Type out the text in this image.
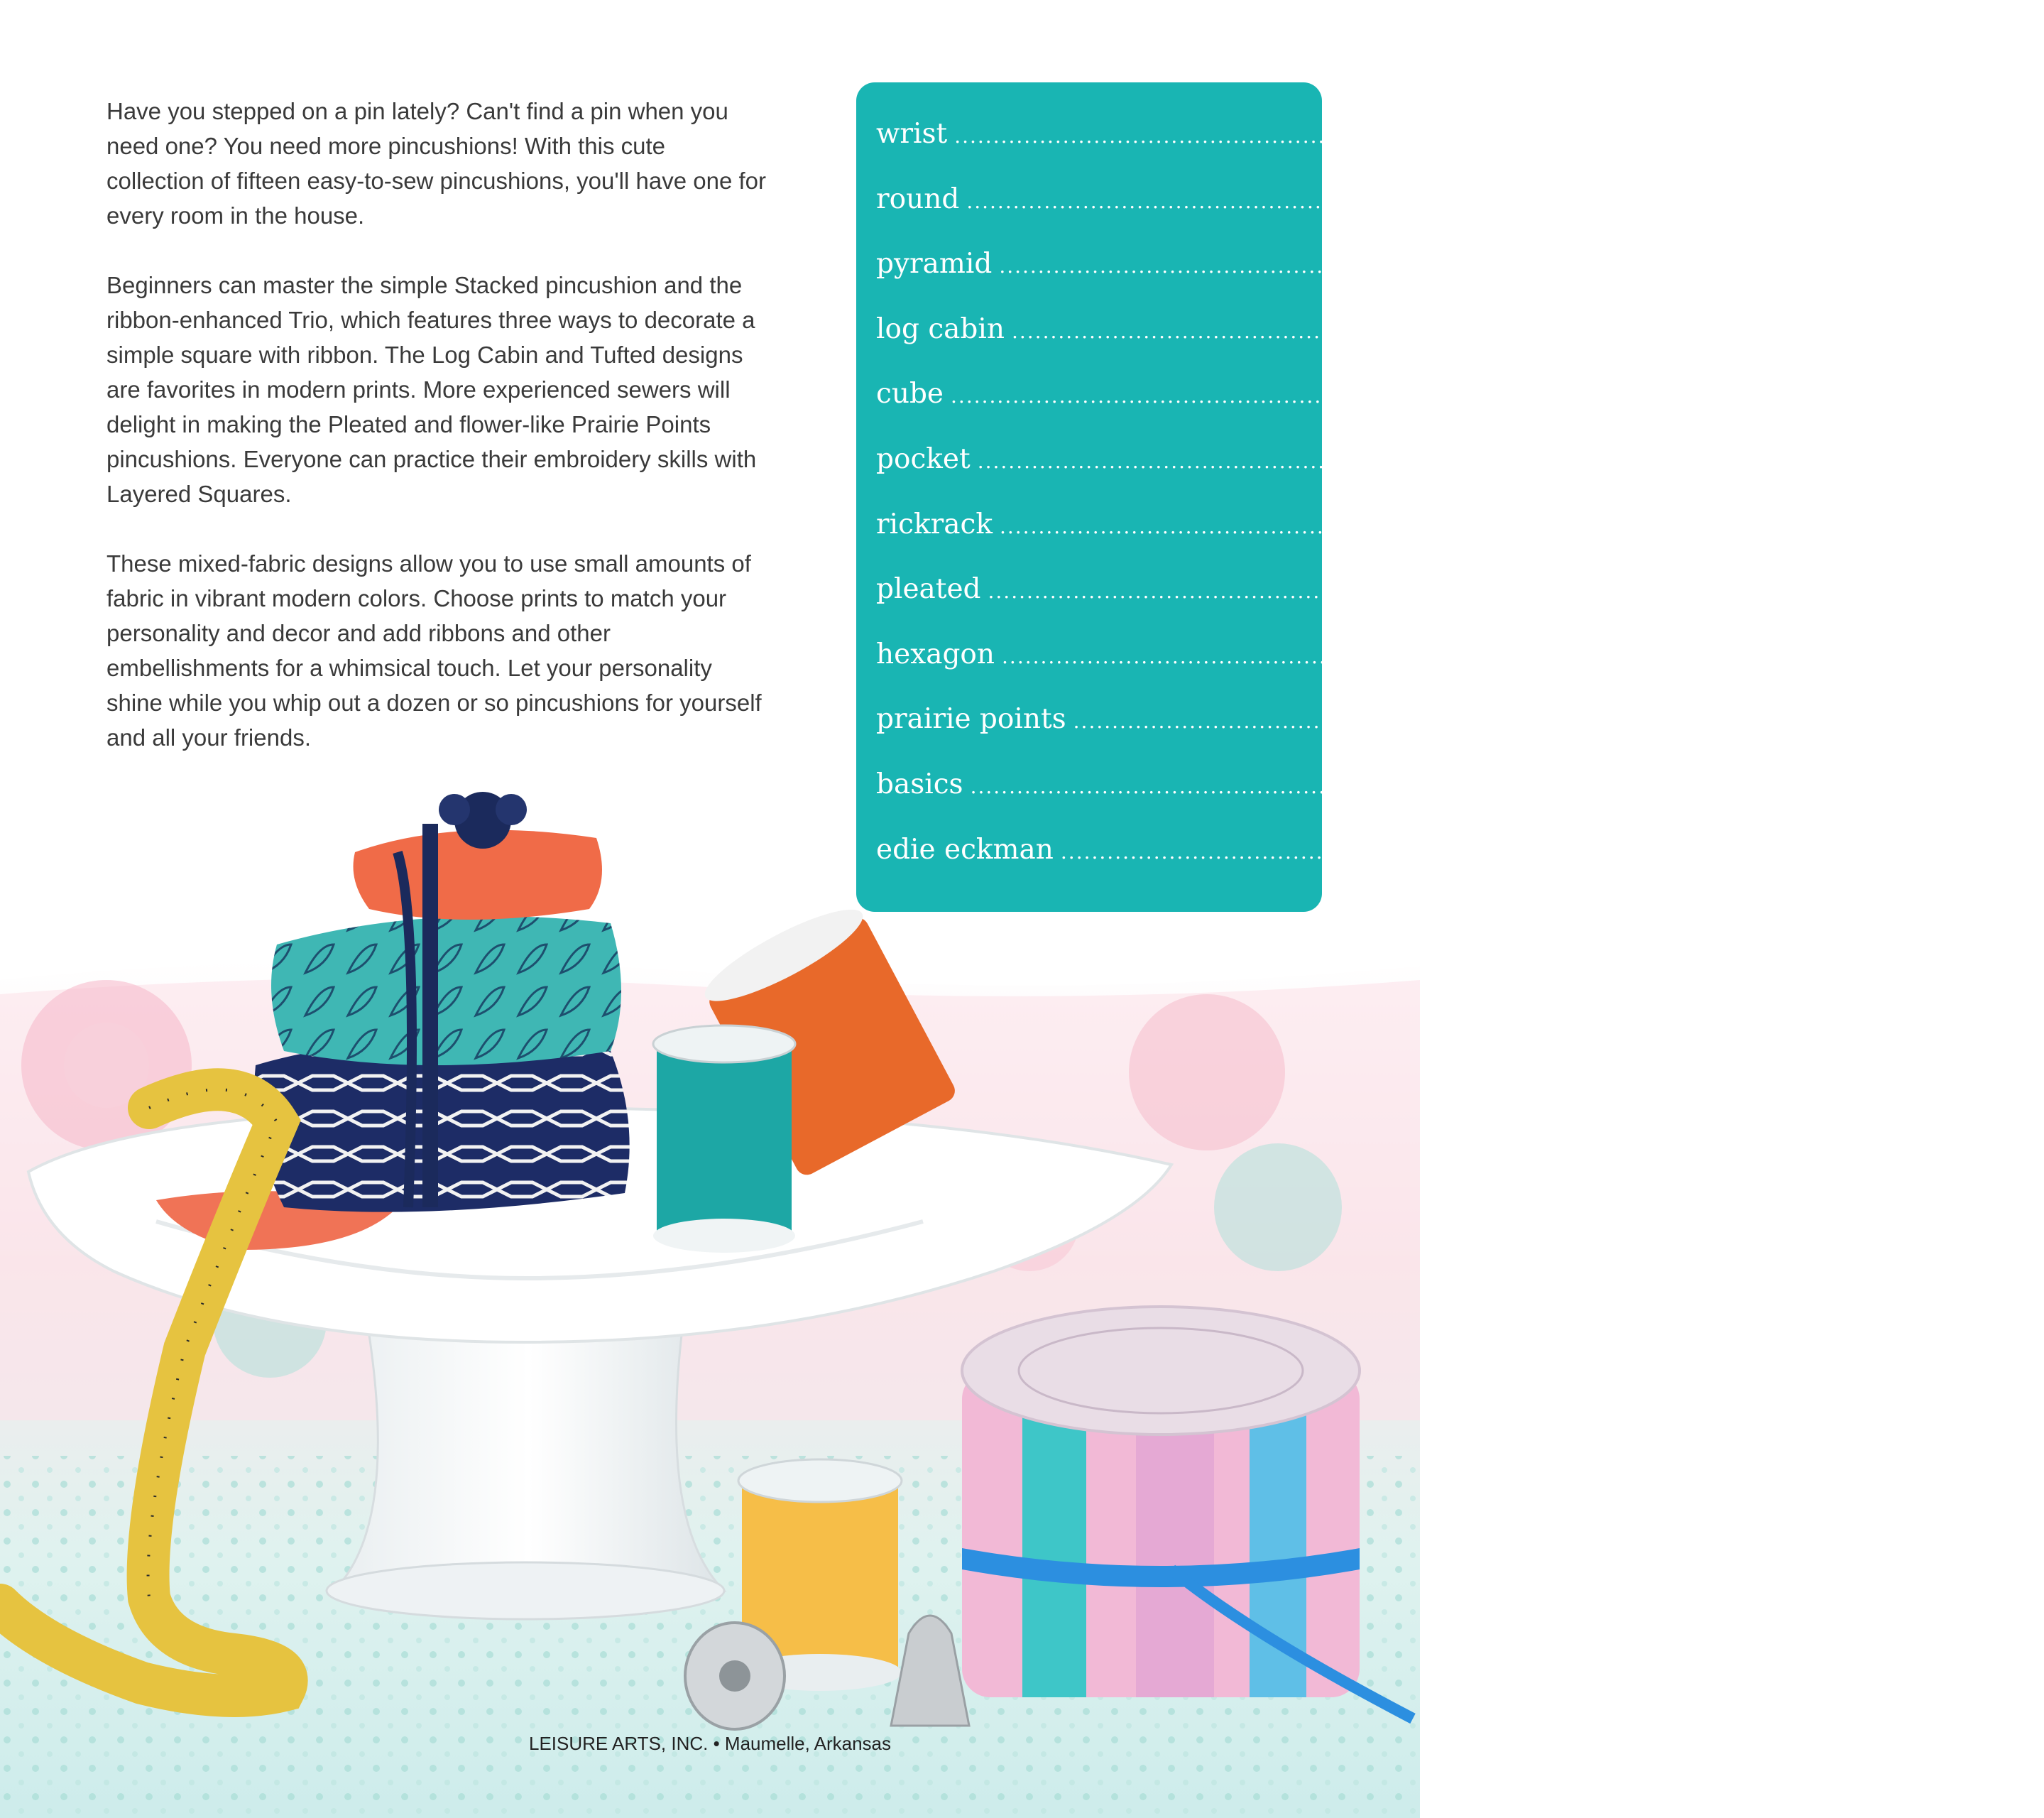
Have you stepped on a pin lately? Can't find a pin when you need one? You need more pincushions! With this cute collection of fifteen easy-to-sew pincushions, you'll have one for every room in the house.

Beginners can master the simple Stacked pincushion and the ribbon-enhanced Trio, which features three ways to decorate a simple square with ribbon. The Log Cabin and Tufted designs are favorites in modern prints. More experienced sewers will delight in making the Pleated and flower-like Prairie Points pincushions. Everyone can practice their embroidery skills with Layered Squares.

These mixed-fabric designs allow you to use small amounts of fabric in vibrant modern colors. Choose prints to match your personality and decor and add ribbons and other embellishments for a whimsical touch. Let your personality shine while you whip out a dozen or so pincushions for yourself and all your friends.

wrist ........................................................................................................................ 02
round ........................................................................................................................ 04
pyramid ........................................................................................................................ 08
log cabin ........................................................................................................................ 10
cube ........................................................................................................................ 12
pocket ........................................................................................................................ 16
rickrack ........................................................................................................................ 17
pleated ........................................................................................................................ 20
hexagon ........................................................................................................................ 22
prairie points ........................................................................................................................ 26
basics ........................................................................................................................ 31
edie eckman ........................................................................................................................ 32
LEISURE ARTS, INC. • Maumelle, Arkansas
